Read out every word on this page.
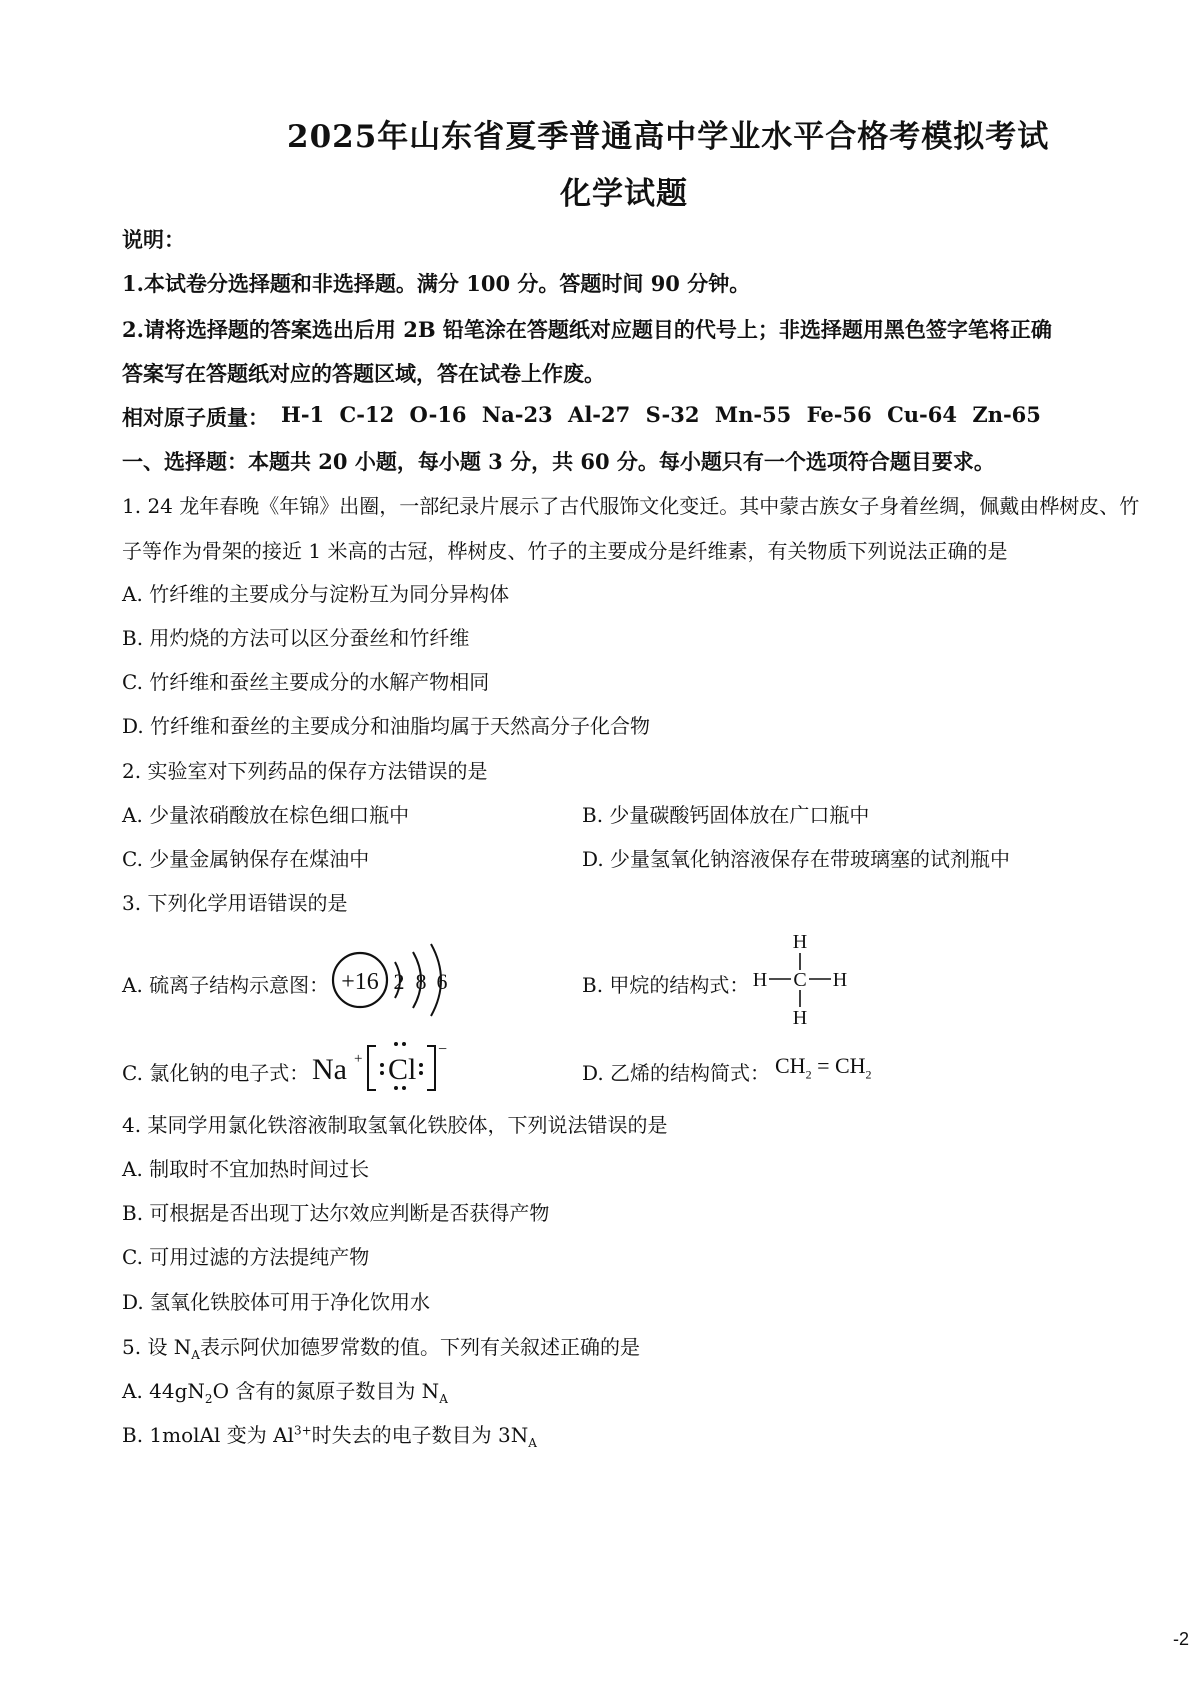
2025年山东省夏季普通高中学业水平合格考模拟考试
化学试题
说明：
1.本试卷分选择题和非选择题。满分 100 分。答题时间 90 分钟。
2.请将选择题的答案选出后用 2B 铅笔涂在答题纸对应题目的代号上；非选择题用黑色签字笔将正确
答案写在答题纸对应的答题区域，答在试卷上作废。
相对原子质量： H-1 C-12 O-16 Na-23 Al-27 S-32 Mn-55 Fe-56 Cu-64 Zn-65
一、选择题：本题共 20 小题，每小题 3 分，共 60 分。每小题只有一个选项符合题目要求。
1. 24 龙年春晚《年锦》出圈，一部纪录片展示了古代服饰文化变迁。其中蒙古族女子身着丝绸，佩戴由桦树皮、竹
子等作为骨架的接近 1 米高的古冠，桦树皮、竹子的主要成分是纤维素，有关物质下列说法正确的是
A. 竹纤维的主要成分与淀粉互为同分异构体
B. 用灼烧的方法可以区分蚕丝和竹纤维
C. 竹纤维和蚕丝主要成分的水解产物相同
D. 竹纤维和蚕丝的主要成分和油脂均属于天然高分子化合物
2. 实验室对下列药品的保存方法错误的是
A. 少量浓硝酸放在棕色细口瓶中	B. 少量碳酸钙固体放在广口瓶中
C. 少量金属钠保存在煤油中	D. 少量氢氧化钠溶液保存在带玻璃塞的试剂瓶中
3. 下列化学用语错误的是
A. 硫离子结构示意图： +16 2 8 6	B. 甲烷的结构式：
H
H C H
H
C. 氯化钠的电子式： Na + Cl
−
D. 乙烯的结构简式： $CH_2 = CH_2$
4. 某同学用氯化铁溶液制取氢氧化铁胶体，下列说法错误的是
A. 制取时不宜加热时间过长
B. 可根据是否出现丁达尔效应判断是否获得产物
C. 可用过滤的方法提纯产物
D. 氢氧化铁胶体可用于净化饮用水
5. 设 $N_A$表示阿伏加德罗常数的值。下列有关叙述正确的是
A. $44gN_2O$ 含有的氮原子数目为 $N_A$
B. 1molAl 变为 $Al^{3+}$时失去的电子数目为 $3N_A$
-2
